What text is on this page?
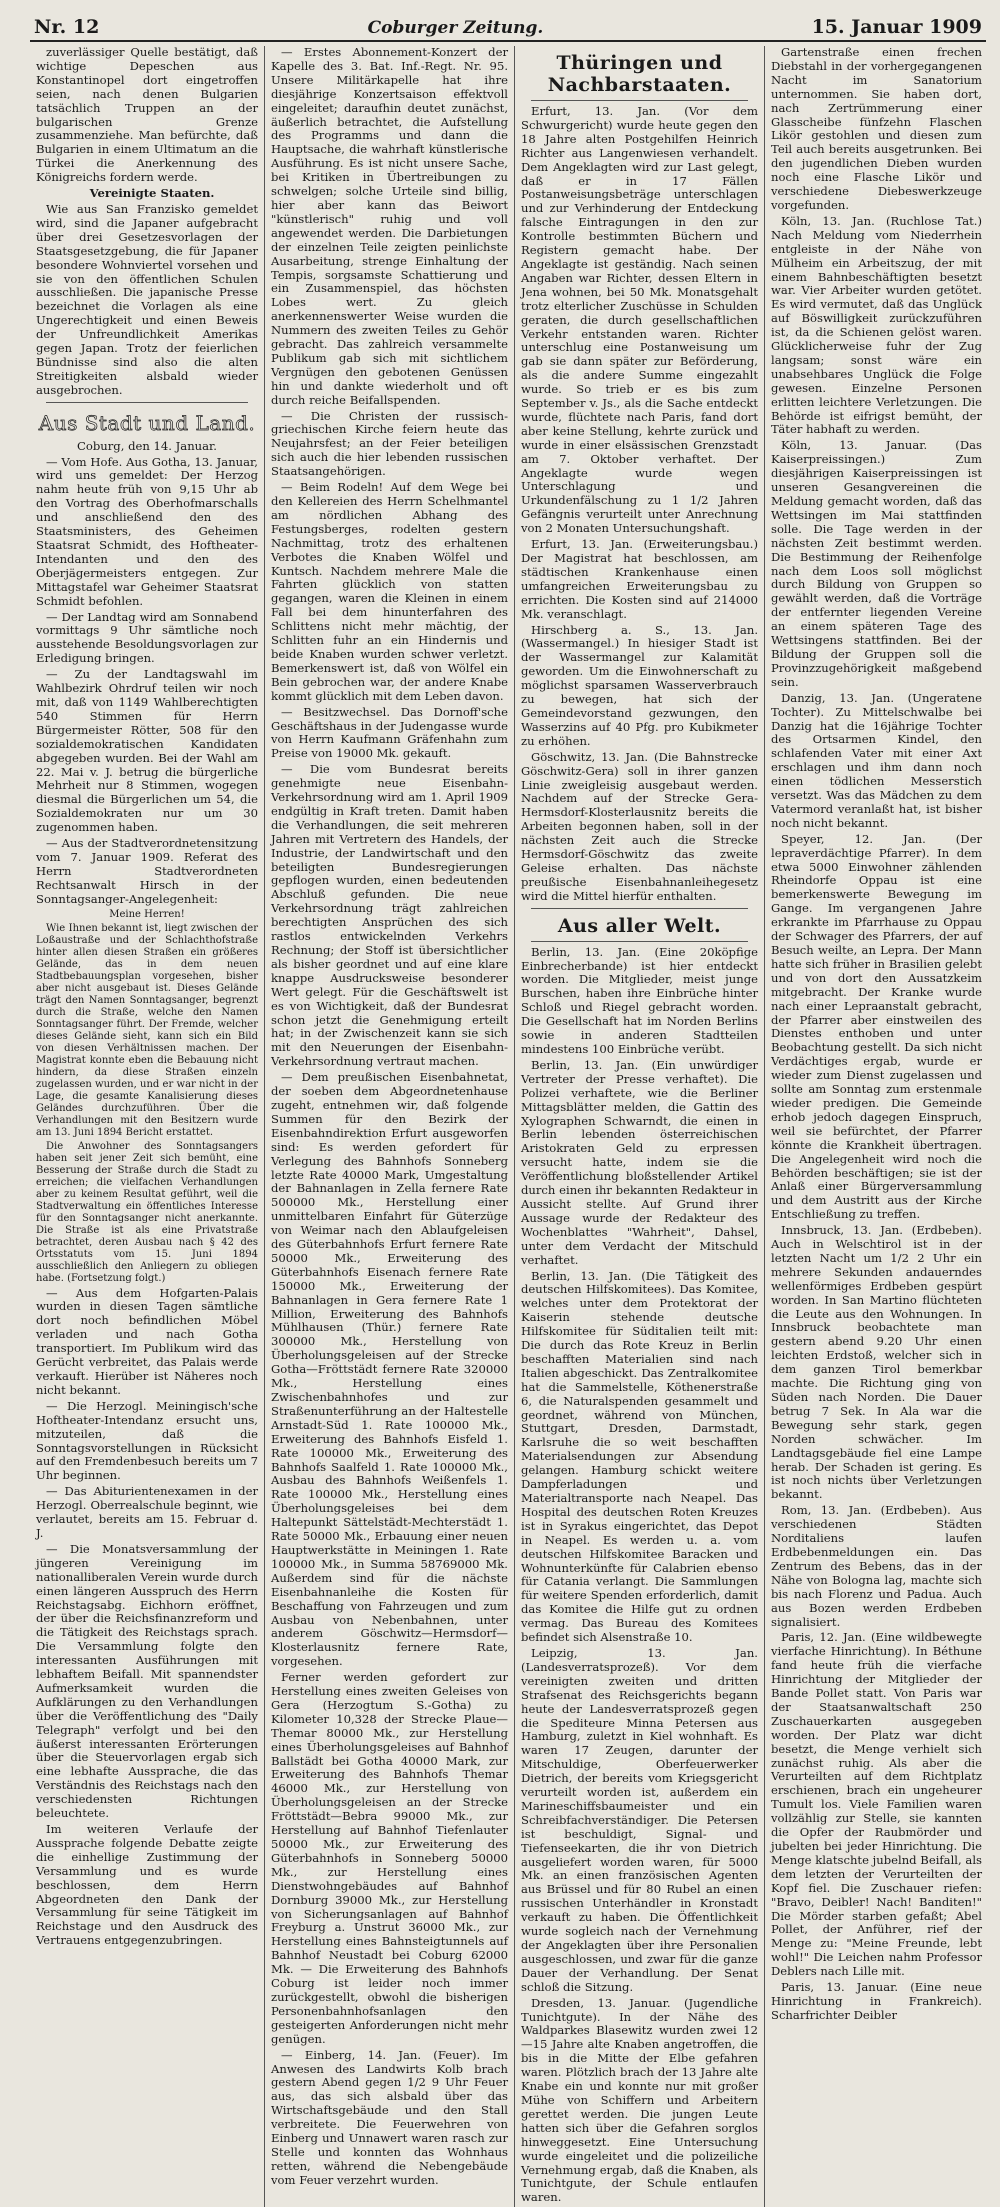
Nr. 12	Coburger Zeitung.	15. Januar 1909

zuverlässiger Quelle bestätigt, daß wichtige Depeschen aus Konstantinopel dort eingetroffen seien, nach denen Bulgarien tatsächlich Truppen an der bulgarischen Grenze zusammenziehe. Man befürchte, daß Bulgarien in einem Ultimatum an die Türkei die Anerkennung des Königreichs fordern werde.

Vereinigte Staaten.

Wie aus San Franzisko gemeldet wird, sind die Japaner aufgebracht über drei Gesetzesvorlagen der Staatsgesetzgebung, die für Japaner besondere Wohnviertel vorsehen und sie von den öffentlichen Schulen ausschließen. Die japanische Presse bezeichnet die Vorlagen als eine Ungerechtigkeit und einen Beweis der Unfreundlichkeit Amerikas gegen Japan. Trotz der feierlichen Bündnisse sind also die alten Streitigkeiten alsbald wieder ausgebrochen.

Aus Stadt und Land.

Coburg, den 14. Januar.

— Vom Hofe. Aus Gotha, 13. Januar, wird uns gemeldet: Der Herzog nahm heute früh von 9,15 Uhr ab den Vortrag des Oberhofmarschalls und anschließend den des Staatsministers, des Geheimen Staatsrat Schmidt, des Hoftheater-Intendanten und den des Oberjägermeisters entgegen. Zur Mittagstafel war Geheimer Staatsrat Schmidt befohlen.

— Der Landtag wird am Sonnabend vormittags 9 Uhr sämtliche noch ausstehende Besoldungsvorlagen zur Erledigung bringen.

— Zu der Landtagswahl im Wahlbezirk Ohrdruf teilen wir noch mit, daß von 1149 Wahlberechtigten 540 Stimmen für Herrn Bürgermeister Rötter, 508 für den sozialdemokratischen Kandidaten abgegeben wurden. Bei der Wahl am 22. Mai v. J. betrug die bürgerliche Mehrheit nur 8 Stimmen, wogegen diesmal die Bürgerlichen um 54, die Sozialdemokraten nur um 30 zugenommen haben.

— Aus der Stadtverordnetensitzung vom 7. Januar 1909. Referat des Herrn Stadtverordneten Rechtsanwalt Hirsch in der Sonntagsanger-Angelegenheit:

Meine Herren!

Wie Ihnen bekannt ist, liegt zwischen der Loßaustraße und der Schlachthofstraße hinter allen diesen Straßen ein größeres Gelände, das in dem neuen Stadtbebauungsplan vorgesehen, bisher aber nicht ausgebaut ist. Dieses Gelände trägt den Namen Sonntagsanger, begrenzt durch die Straße, welche den Namen Sonntagsanger führt. Der Fremde, welcher dieses Gelände sieht, kann sich ein Bild von diesen Verhältnissen machen. Der Magistrat konnte eben die Bebauung nicht hindern, da diese Straßen einzeln zugelassen wurden, und er war nicht in der Lage, die gesamte Kanalisierung dieses Geländes durchzuführen. Über die Verhandlungen mit den Besitzern wurde am 13. Juni 1894 Bericht erstattet.

Die Anwohner des Sonntagsangers haben seit jener Zeit sich bemüht, eine Besserung der Straße durch die Stadt zu erreichen; die vielfachen Verhandlungen aber zu keinem Resultat geführt, weil die Stadtverwaltung ein öffentliches Interesse für den Sonntagsanger nicht anerkannte. Die Straße ist als eine Privatstraße betrachtet, deren Ausbau nach § 42 des Ortsstatuts vom 15. Juni 1894 ausschließlich den Anliegern zu obliegen habe. (Fortsetzung folgt.)

— Aus dem Hofgarten-Palais wurden in diesen Tagen sämtliche dort noch befindlichen Möbel verladen und nach Gotha transportiert. Im Publikum wird das Gerücht verbreitet, das Palais werde verkauft. Hierüber ist Näheres noch nicht bekannt.

— Die Herzogl. Meiningisch'sche Hoftheater-Intendanz ersucht uns, mitzuteilen, daß die Sonntagsvorstellungen in Rücksicht auf den Fremdenbesuch bereits um 7 Uhr beginnen.

— Das Abiturientenexamen in der Herzogl. Oberrealschule beginnt, wie verlautet, bereits am 15. Februar d. J.

— Die Monatsversammlung der jüngeren Vereinigung im nationalliberalen Verein wurde durch einen längeren Ausspruch des Herrn Reichstagsabg. Eichhorn eröffnet, der über die Reichsfinanzreform und die Tätigkeit des Reichstags sprach. Die Versammlung folgte den interessanten Ausführungen mit lebhaftem Beifall. Mit spannendster Aufmerksamkeit wurden die Aufklärungen zu den Verhandlungen über die Veröffentlichung des "Daily Telegraph" verfolgt und bei den äußerst interessanten Erörterungen über die Steuervorlagen ergab sich eine lebhafte Aussprache, die das Verständnis des Reichstags nach den verschiedensten Richtungen beleuchtete.

Im weiteren Verlaufe der Aussprache folgende Debatte zeigte die einhellige Zustimmung der Versammlung und es wurde beschlossen, dem Herrn Abgeordneten den Dank der Versammlung für seine Tätigkeit im Reichstage und den Ausdruck des Vertrauens entgegenzubringen.

— Erstes Abonnement-Konzert der Kapelle des 3. Bat. Inf.-Regt. Nr. 95. Unsere Militärkapelle hat ihre diesjährige Konzertsaison effektvoll eingeleitet; daraufhin deutet zunächst, äußerlich betrachtet, die Aufstellung des Programms und dann die Hauptsache, die wahrhaft künstlerische Ausführung. Es ist nicht unsere Sache, bei Kritiken in Übertreibungen zu schwelgen; solche Urteile sind billig, hier aber kann das Beiwort "künstlerisch" ruhig und voll angewendet werden. Die Darbietungen der einzelnen Teile zeigten peinlichste Ausarbeitung, strenge Einhaltung der Tempis, sorgsamste Schattierung und ein Zusammenspiel, das höchsten Lobes wert. Zu gleich anerkennenswerter Weise wurden die Nummern des zweiten Teiles zu Gehör gebracht. Das zahlreich versammelte Publikum gab sich mit sichtlichem Vergnügen den gebotenen Genüssen hin und dankte wiederholt und oft durch reiche Beifallspenden.

— Die Christen der russisch-griechischen Kirche feiern heute das Neujahrsfest; an der Feier beteiligen sich auch die hier lebenden russischen Staatsangehörigen.

— Beim Rodeln! Auf dem Wege bei den Kellereien des Herrn Schelhmantel am nördlichen Abhang des Festungsberges, rodelten gestern Nachmittag, trotz des erhaltenen Verbotes die Knaben Wölfel und Kuntsch. Nachdem mehrere Male die Fahrten glücklich von statten gegangen, waren die Kleinen in einem Fall bei dem hinunterfahren des Schlittens nicht mehr mächtig, der Schlitten fuhr an ein Hindernis und beide Knaben wurden schwer verletzt. Bemerkenswert ist, daß von Wölfel ein Bein gebrochen war, der andere Knabe kommt glücklich mit dem Leben davon.

— Besitzwechsel. Das Dornoff'sche Geschäftshaus in der Judengasse wurde von Herrn Kaufmann Gräfenhahn zum Preise von 19000 Mk. gekauft.

— Die vom Bundesrat bereits genehmigte neue Eisenbahn-Verkehrsordnung wird am 1. April 1909 endgültig in Kraft treten. Damit haben die Verhandlungen, die seit mehreren Jahren mit Vertretern des Handels, der Industrie, der Landwirtschaft und den beteiligten Bundesregierungen gepflogen wurden, einen bedeutenden Abschluß gefunden. Die neue Verkehrsordnung trägt zahlreichen berechtigten Ansprüchen des sich rastlos entwickelnden Verkehrs Rechnung; der Stoff ist übersichtlicher als bisher geordnet und auf eine klare knappe Ausdrucksweise besonderer Wert gelegt. Für die Geschäftswelt ist es von Wichtigkeit, daß der Bundesrat schon jetzt die Genehmigung erteilt hat; in der Zwischenzeit kann sie sich mit den Neuerungen der Eisenbahn-Verkehrsordnung vertraut machen.

— Dem preußischen Eisenbahnetat, der soeben dem Abgeordnetenhause zugeht, entnehmen wir, daß folgende Summen für den Bezirk der Eisenbahndirektion Erfurt ausgeworfen sind: Es werden gefordert für Verlegung des Bahnhofs Sonneberg letzte Rate 40000 Mark, Umgestaltung der Bahnanlagen in Zella fernere Rate 500000 Mk., Herstellung einer unmittelbaren Einfahrt für Güterzüge von Weimar nach den Ablaufgeleisen des Güterbahnhofs Erfurt fernere Rate 50000 Mk., Erweiterung des Güterbahnhofs Eisenach fernere Rate 150000 Mk., Erweiterung der Bahnanlagen in Gera fernere Rate 1 Million, Erweiterung des Bahnhofs Mühlhausen (Thür.) fernere Rate 300000 Mk., Herstellung von Überholungsgeleisen auf der Strecke Gotha—Fröttstädt fernere Rate 320000 Mk., Herstellung eines Zwischenbahnhofes und zur Straßenunterführung an der Haltestelle Arnstadt-Süd 1. Rate 100000 Mk., Erweiterung des Bahnhofs Eisfeld 1. Rate 100000 Mk., Erweiterung des Bahnhofs Saalfeld 1. Rate 100000 Mk., Ausbau des Bahnhofs Weißenfels 1. Rate 100000 Mk., Herstellung eines Überholungsgeleises bei dem Haltepunkt Sättelstädt-Mechterstädt 1. Rate 50000 Mk., Erbauung einer neuen Hauptwerkstätte in Meiningen 1. Rate 100000 Mk., in Summa 58769000 Mk. Außerdem sind für die nächste Eisenbahnanleihe die Kosten für Beschaffung von Fahrzeugen und zum Ausbau von Nebenbahnen, unter anderem Göschwitz—Hermsdorf—Klosterlausnitz fernere Rate, vorgesehen.

Ferner werden gefordert zur Herstellung eines zweiten Geleises von Gera (Herzogtum S.-Gotha) zu Kilometer 10,328 der Strecke Plaue—Themar 80000 Mk., zur Herstellung eines Überholungsgeleises auf Bahnhof Ballstädt bei Gotha 40000 Mark, zur Erweiterung des Bahnhofs Themar 46000 Mk., zur Herstellung von Überholungsgeleisen an der Strecke Fröttstädt—Bebra 99000 Mk., zur Herstellung auf Bahnhof Tiefenlauter 50000 Mk., zur Erweiterung des Güterbahnhofs in Sonneberg 50000 Mk., zur Herstellung eines Dienstwohngebäudes auf Bahnhof Dornburg 39000 Mk., zur Herstellung von Sicherungsanlagen auf Bahnhof Freyburg a. Unstrut 36000 Mk., zur Herstellung eines Bahnsteigtunnels auf Bahnhof Neustadt bei Coburg 62000 Mk. — Die Erweiterung des Bahnhofs Coburg ist leider noch immer zurückgestellt, obwohl die bisherigen Personenbahnhofsanlagen den gesteigerten Anforderungen nicht mehr genügen.

— Einberg, 14. Jan. (Feuer). Im Anwesen des Landwirts Kolb brach gestern Abend gegen 1/2 9 Uhr Feuer aus, das sich alsbald über das Wirtschaftsgebäude und den Stall verbreitete. Die Feuerwehren von Einberg und Unnawert waren rasch zur Stelle und konnten das Wohnhaus retten, während die Nebengebäude vom Feuer verzehrt wurden.

Thüringen und Nachbarstaaten.

Erfurt, 13. Jan. (Vor dem Schwurgericht) wurde heute gegen den 18 Jahre alten Postgehilfen Heinrich Richter aus Langenwiesen verhandelt. Dem Angeklagten wird zur Last gelegt, daß er in 17 Fällen Postanweisungsbeträge unterschlagen und zur Verhinderung der Entdeckung falsche Eintragungen in den zur Kontrolle bestimmten Büchern und Registern gemacht habe. Der Angeklagte ist geständig. Nach seinen Angaben war Richter, dessen Eltern in Jena wohnen, bei 50 Mk. Monatsgehalt trotz elterlicher Zuschüsse in Schulden geraten, die durch gesellschaftlichen Verkehr entstanden waren. Richter unterschlug eine Postanweisung um gab sie dann später zur Beförderung, als die andere Summe eingezahlt wurde. So trieb er es bis zum September v. Js., als die Sache entdeckt wurde, flüchtete nach Paris, fand dort aber keine Stellung, kehrte zurück und wurde in einer elsässischen Grenzstadt am 7. Oktober verhaftet. Der Angeklagte wurde wegen Unterschlagung und Urkundenfälschung zu 1 1/2 Jahren Gefängnis verurteilt unter Anrechnung von 2 Monaten Untersuchungshaft.

Erfurt, 13. Jan. (Erweiterungsbau.) Der Magistrat hat beschlossen, am städtischen Krankenhause einen umfangreichen Erweiterungsbau zu errichten. Die Kosten sind auf 214000 Mk. veranschlagt.

Hirschberg a. S., 13. Jan. (Wassermangel.) In hiesiger Stadt ist der Wassermangel zur Kalamität geworden. Um die Einwohnerschaft zu möglichst sparsamen Wasserverbrauch zu bewegen, hat sich der Gemeindevorstand gezwungen, den Wasserzins auf 40 Pfg. pro Kubikmeter zu erhöhen.

Göschwitz, 13. Jan. (Die Bahnstrecke Göschwitz-Gera) soll in ihrer ganzen Linie zweigleisig ausgebaut werden. Nachdem auf der Strecke Gera-Hermsdorf-Klosterlausnitz bereits die Arbeiten begonnen haben, soll in der nächsten Zeit auch die Strecke Hermsdorf-Göschwitz das zweite Geleise erhalten. Das nächste preußische Eisenbahnanleihegesetz wird die Mittel hierfür enthalten.

Aus aller Welt.

Berlin, 13. Jan. (Eine 20köpfige Einbrecherbande) ist hier entdeckt worden. Die Mitglieder, meist junge Burschen, haben ihre Einbrüche hinter Schloß und Riegel gebracht worden. Die Gesellschaft hat im Norden Berlins sowie in anderen Stadtteilen mindestens 100 Einbrüche verübt.

Berlin, 13. Jan. (Ein unwürdiger Vertreter der Presse verhaftet). Die Polizei verhaftete, wie die Berliner Mittagsblätter melden, die Gattin des Xylographen Schwarndt, die einen in Berlin lebenden österreichischen Aristokraten Geld zu erpressen versucht hatte, indem sie die Veröffentlichung bloßstellender Artikel durch einen ihr bekannten Redakteur in Aussicht stellte. Auf Grund ihrer Aussage wurde der Redakteur des Wochenblattes "Wahrheit", Dahsel, unter dem Verdacht der Mitschuld verhaftet.

Berlin, 13. Jan. (Die Tätigkeit des deutschen Hilfskomitees). Das Komitee, welches unter dem Protektorat der Kaiserin stehende deutsche Hilfskomitee für Süditalien teilt mit: Die durch das Rote Kreuz in Berlin beschafften Materialien sind nach Italien abgeschickt. Das Zentralkomitee hat die Sammelstelle, Köthenerstraße 6, die Naturalspenden gesammelt und geordnet, während von München, Stuttgart, Dresden, Darmstadt, Karlsruhe die so weit beschafften Materialsendungen zur Absendung gelangen. Hamburg schickt weitere Dampferladungen und Materialtransporte nach Neapel. Das Hospital des deutschen Roten Kreuzes ist in Syrakus eingerichtet, das Depot in Neapel. Es werden u. a. vom deutschen Hilfskomitee Baracken und Wohnunterkünfte für Calabrien ebenso für Catania verlangt. Die Sammlungen für weitere Spenden erforderlich, damit das Komitee die Hilfe gut zu ordnen vermag. Das Bureau des Komitees befindet sich Alsenstraße 10.

Leipzig, 13. Jan. (Landesverratsprozeß). Vor dem vereinigten zweiten und dritten Strafsenat des Reichsgerichts begann heute der Landesverratsprozeß gegen die Spediteure Minna Petersen aus Hamburg, zuletzt in Kiel wohnhaft. Es waren 17 Zeugen, darunter der Mitschuldige, Oberfeuerwerker Dietrich, der bereits vom Kriegsgericht verurteilt worden ist, außerdem ein Marineschiffsbaumeister und ein Schreibfachverständiger. Die Petersen ist beschuldigt, Signal- und Tiefenseekarten, die ihr von Dietrich ausgeliefert worden waren, für 5000 Mk. an einen französischen Agenten aus Brüssel und für 80 Rubel an einen russischen Unterhändler in Kronstadt verkauft zu haben. Die Öffentlichkeit wurde sogleich nach der Vernehmung der Angeklagten über ihre Personalien ausgeschlossen, und zwar für die ganze Dauer der Verhandlung. Der Senat schloß die Sitzung.

Dresden, 13. Januar. (Jugendliche Tunichtgute). In der Nähe des Waldparkes Blasewitz wurden zwei 12—15 Jahre alte Knaben angetroffen, die bis in die Mitte der Elbe gefahren waren. Plötzlich brach der 13 Jahre alte Knabe ein und konnte nur mit großer Mühe von Schiffern und Arbeitern gerettet werden. Die jungen Leute hatten sich über die Gefahren sorglos hinweggesetzt. Eine Untersuchung wurde eingeleitet und die polizeiliche Vernehmung ergab, daß die Knaben, als Tunichtgute, der Schule entlaufen waren.

Gartenstraße einen frechen Diebstahl in der vorhergegangenen Nacht im Sanatorium unternommen. Sie haben dort, nach Zertrümmerung einer Glasscheibe fünfzehn Flaschen Likör gestohlen und diesen zum Teil auch bereits ausgetrunken. Bei den jugendlichen Dieben wurden noch eine Flasche Likör und verschiedene Diebeswerkzeuge vorgefunden.

Köln, 13. Jan. (Ruchlose Tat.) Nach Meldung vom Niederrhein entgleiste in der Nähe von Mülheim ein Arbeitszug, der mit einem Bahnbeschäftigten besetzt war. Vier Arbeiter wurden getötet. Es wird vermutet, daß das Unglück auf Böswilligkeit zurückzuführen ist, da die Schienen gelöst waren. Glücklicherweise fuhr der Zug langsam; sonst wäre ein unabsehbares Unglück die Folge gewesen. Einzelne Personen erlitten leichtere Verletzungen. Die Behörde ist eifrigst bemüht, der Täter habhaft zu werden.

Köln, 13. Januar. (Das Kaiserpreissingen.) Zum diesjährigen Kaiserpreissingen ist unseren Gesangvereinen die Meldung gemacht worden, daß das Wettsingen im Mai stattfinden solle. Die Tage werden in der nächsten Zeit bestimmt werden. Die Bestimmung der Reihenfolge nach dem Loos soll möglichst durch Bildung von Gruppen so gewählt werden, daß die Vorträge der entfernter liegenden Vereine an einem späteren Tage des Wettsingens stattfinden. Bei der Bildung der Gruppen soll die Provinzzugehörigkeit maßgebend sein.

Danzig, 13. Jan. (Ungeratene Tochter). Zu Mittelschwalbe bei Danzig hat die 16jährige Tochter des Ortsarmen Kindel, den schlafenden Vater mit einer Axt erschlagen und ihm dann noch einen tödlichen Messerstich versetzt. Was das Mädchen zu dem Vatermord veranlaßt hat, ist bisher noch nicht bekannt.

Speyer, 12. Jan. (Der lepraverdächtige Pfarrer). In dem etwa 5000 Einwohner zählenden Rheindorfe Oppau ist eine bemerkenswerte Bewegung im Gange. Im vergangenen Jahre erkrankte im Pfarrhause zu Oppau der Schwager des Pfarrers, der auf Besuch weilte, an Lepra. Der Mann hatte sich früher in Brasilien gelebt und von dort den Aussatzkeim mitgebracht. Der Kranke wurde nach einer Lepraanstalt gebracht, der Pfarrer aber einstweilen des Dienstes enthoben und unter Beobachtung gestellt. Da sich nicht Verdächtiges ergab, wurde er wieder zum Dienst zugelassen und sollte am Sonntag zum erstenmale wieder predigen. Die Gemeinde erhob jedoch dagegen Einspruch, weil sie befürchtet, der Pfarrer könnte die Krankheit übertragen. Die Angelegenheit wird noch die Behörden beschäftigen; sie ist der Anlaß einer Bürgerversammlung und dem Austritt aus der Kirche Entschließung zu treffen.

Innsbruck, 13. Jan. (Erdbeben). Auch in Welschtirol ist in der letzten Nacht um 1/2 2 Uhr ein mehrere Sekunden andauerndes wellenförmiges Erdbeben gespürt worden. In San Martino flüchteten die Leute aus den Wohnungen. In Innsbruck beobachtete man gestern abend 9.20 Uhr einen leichten Erdstoß, welcher sich in dem ganzen Tirol bemerkbar machte. Die Richtung ging von Süden nach Norden. Die Dauer betrug 7 Sek. In Ala war die Bewegung sehr stark, gegen Norden schwächer. Im Landtagsgebäude fiel eine Lampe herab. Der Schaden ist gering. Es ist noch nichts über Verletzungen bekannt.

Rom, 13. Jan. (Erdbeben). Aus verschiedenen Städten Norditaliens laufen Erdbebenmeldungen ein. Das Zentrum des Bebens, das in der Nähe von Bologna lag, machte sich bis nach Florenz und Padua. Auch aus Bozen werden Erdbeben signalisiert.

Paris, 12. Jan. (Eine wildbewegte vierfache Hinrichtung). In Béthune fand heute früh die vierfache Hinrichtung der Mitglieder der Bande Pollet statt. Von Paris war der Staatsanwaltschaft 250 Zuschauerkarten ausgegeben worden. Der Platz war dicht besetzt, die Menge verhielt sich zunächst ruhig. Als aber die Verurteilten auf dem Richtplatz erschienen, brach ein ungeheurer Tumult los. Viele Familien waren vollzählig zur Stelle, sie kannten die Opfer der Raubmörder und jubelten bei jeder Hinrichtung. Die Menge klatschte jubelnd Beifall, als dem letzten der Verurteilten der Kopf fiel. Die Zuschauer riefen: "Bravo, Deibler! Nach! Banditen!" Die Mörder starben gefaßt; Abel Pollet, der Anführer, rief der Menge zu: "Meine Freunde, lebt wohl!" Die Leichen nahm Professor Deblers nach Lille mit.

Paris, 13. Januar. (Eine neue Hinrichtung in Frankreich). Scharfrichter Deibler
